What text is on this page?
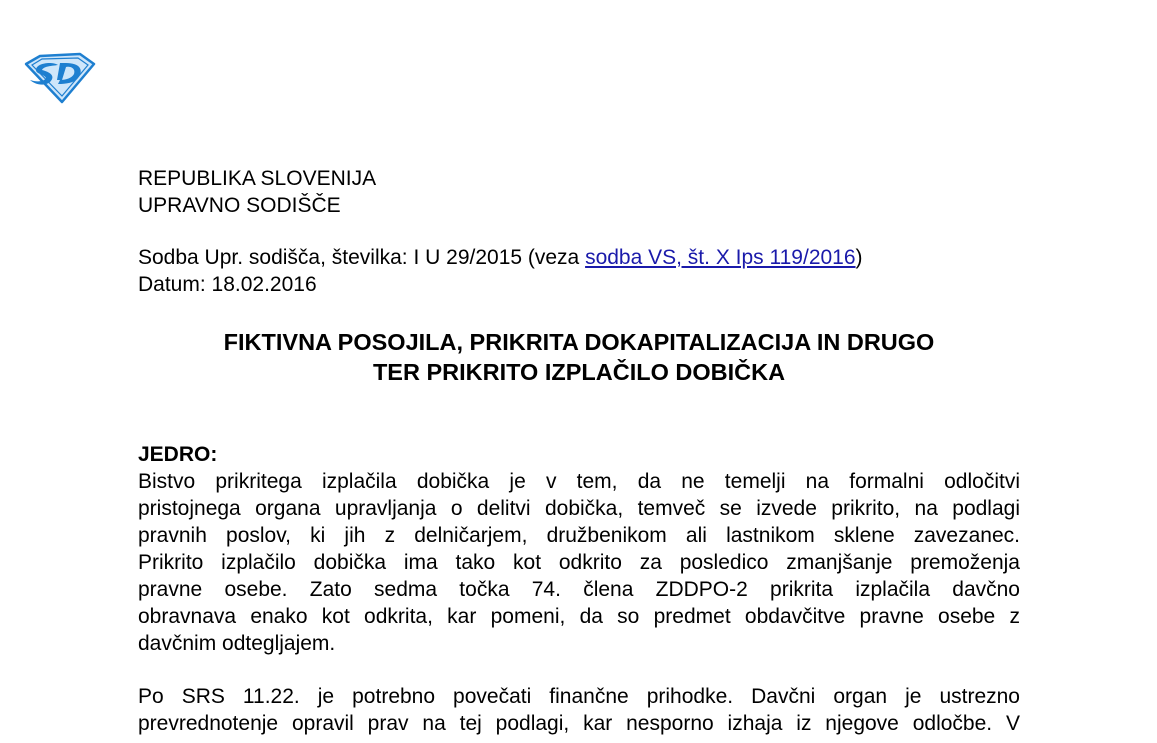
REPUBLIKA SLOVENIJA
UPRAVNO SODIŠČE
Sodba Upr. sodišča, številka: I U 29/2015 (veza sodba VS, št. X Ips 119/2016)
Datum: 18.02.2016
FIKTIVNA POSOJILA, PRIKRITA DOKAPITALIZACIJA IN DRUGO
TER PRIKRITO IZPLAČILO DOBIČKA
JEDRO:
Bistvo prikritega izplačila dobička je v tem, da ne temelji na formalni odločitvi
pristojnega organa upravljanja o delitvi dobička, temveč se izvede prikrito, na podlagi
pravnih poslov, ki jih z delničarjem, družbenikom ali lastnikom sklene zavezanec.
Prikrito izplačilo dobička ima tako kot odkrito za posledico zmanjšanje premoženja
pravne osebe. Zato sedma točka 74. člena ZDDPO-2 prikrita izplačila davčno
obravnava enako kot odkrita, kar pomeni, da so predmet obdavčitve pravne osebe z
davčnim odtegljajem.
Po SRS 11.22. je potrebno povečati finančne prihodke. Davčni organ je ustrezno
prevrednotenje opravil prav na tej podlagi, kar nesporno izhaja iz njegove odločbe. V
